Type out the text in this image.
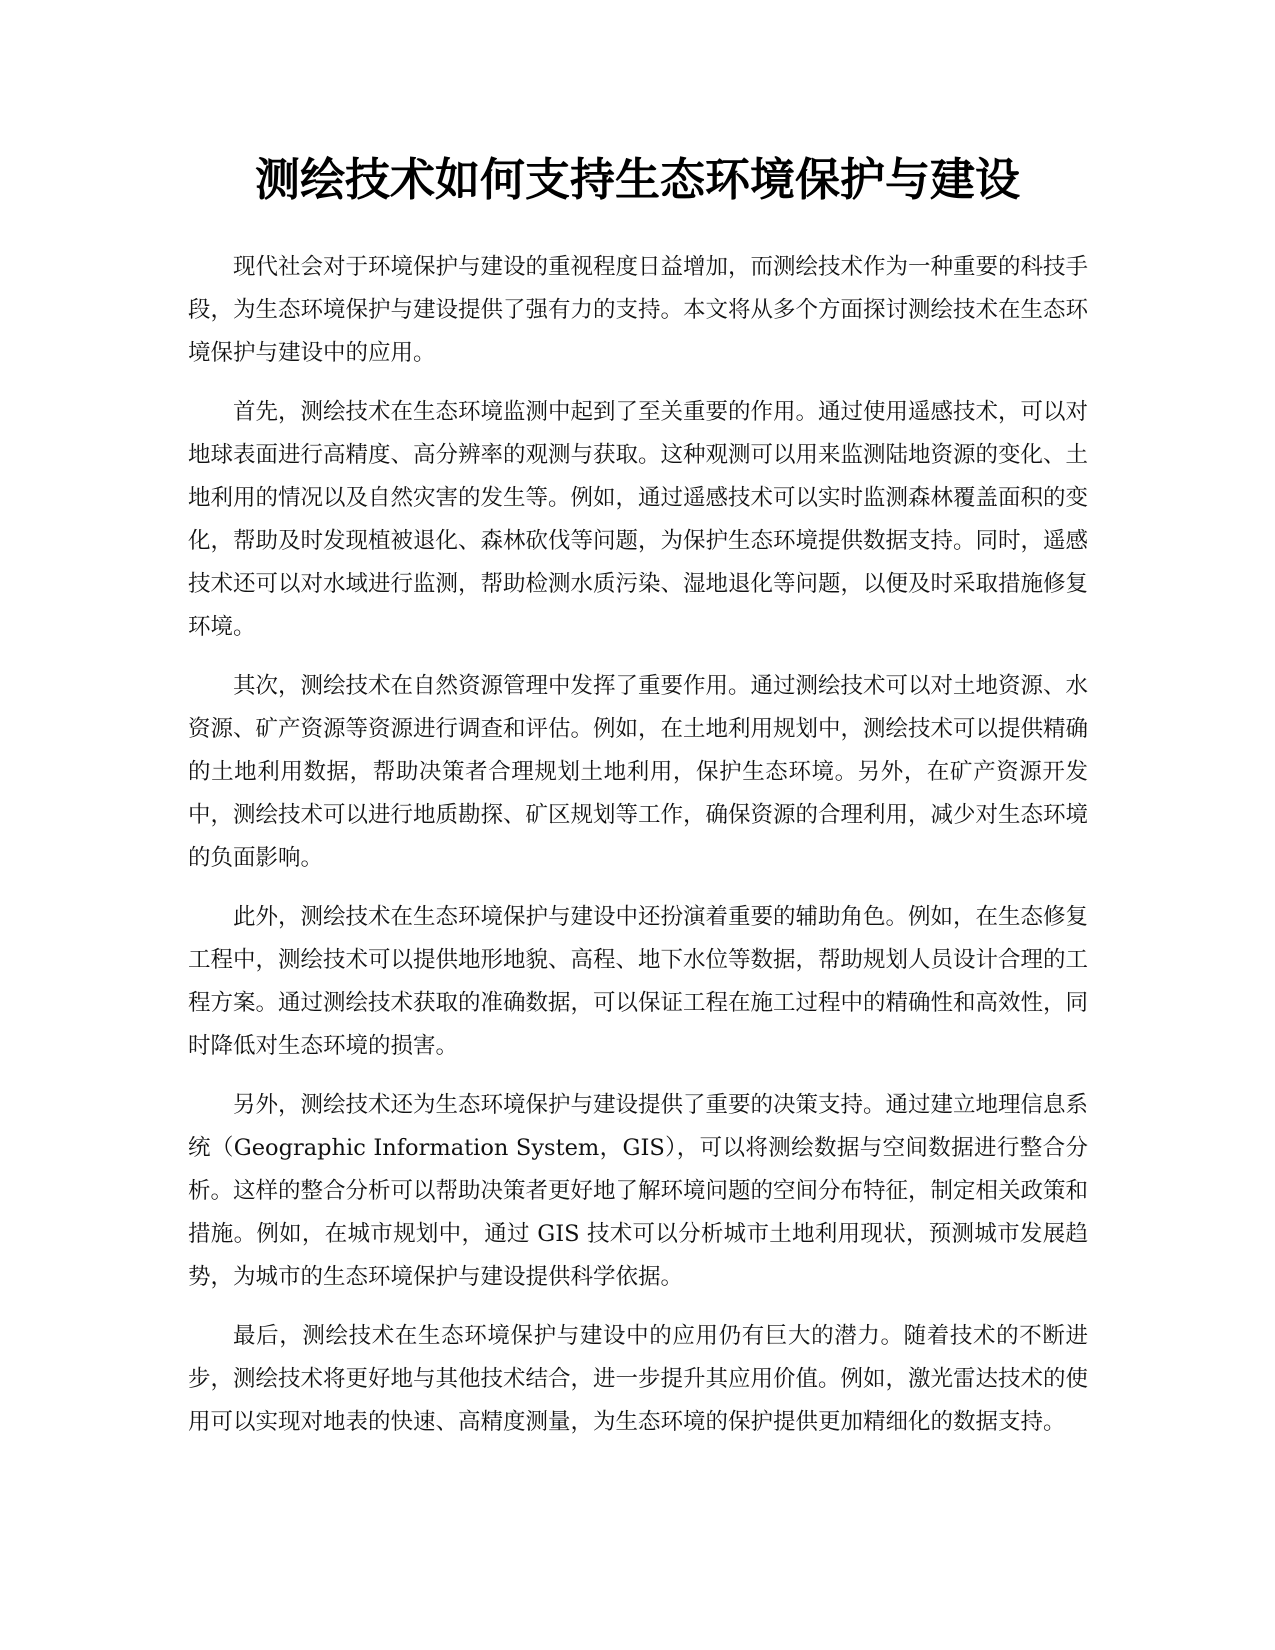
测绘技术如何支持生态环境保护与建设

现代社会对于环境保护与建设的重视程度日益增加，而测绘技术作为一种重要的科技手段，为生态环境保护与建设提供了强有力的支持。本文将从多个方面探讨测绘技术在生态环境保护与建设中的应用。

首先，测绘技术在生态环境监测中起到了至关重要的作用。通过使用遥感技术，可以对地球表面进行高精度、高分辨率的观测与获取。这种观测可以用来监测陆地资源的变化、土地利用的情况以及自然灾害的发生等。例如，通过遥感技术可以实时监测森林覆盖面积的变化，帮助及时发现植被退化、森林砍伐等问题，为保护生态环境提供数据支持。同时，遥感技术还可以对水域进行监测，帮助检测水质污染、湿地退化等问题，以便及时采取措施修复环境。

其次，测绘技术在自然资源管理中发挥了重要作用。通过测绘技术可以对土地资源、水资源、矿产资源等资源进行调查和评估。例如，在土地利用规划中，测绘技术可以提供精确的土地利用数据，帮助决策者合理规划土地利用，保护生态环境。另外，在矿产资源开发中，测绘技术可以进行地质勘探、矿区规划等工作，确保资源的合理利用，减少对生态环境的负面影响。

此外，测绘技术在生态环境保护与建设中还扮演着重要的辅助角色。例如，在生态修复工程中，测绘技术可以提供地形地貌、高程、地下水位等数据，帮助规划人员设计合理的工程方案。通过测绘技术获取的准确数据，可以保证工程在施工过程中的精确性和高效性，同时降低对生态环境的损害。

另外，测绘技术还为生态环境保护与建设提供了重要的决策支持。通过建立地理信息系统（Geographic Information System，GIS），可以将测绘数据与空间数据进行整合分析。这样的整合分析可以帮助决策者更好地了解环境问题的空间分布特征，制定相关政策和措施。例如，在城市规划中，通过 GIS 技术可以分析城市土地利用现状，预测城市发展趋势，为城市的生态环境保护与建设提供科学依据。

最后，测绘技术在生态环境保护与建设中的应用仍有巨大的潜力。随着技术的不断进步，测绘技术将更好地与其他技术结合，进一步提升其应用价值。例如，激光雷达技术的使用可以实现对地表的快速、高精度测量，为生态环境的保护提供更加精细化的数据支持。
